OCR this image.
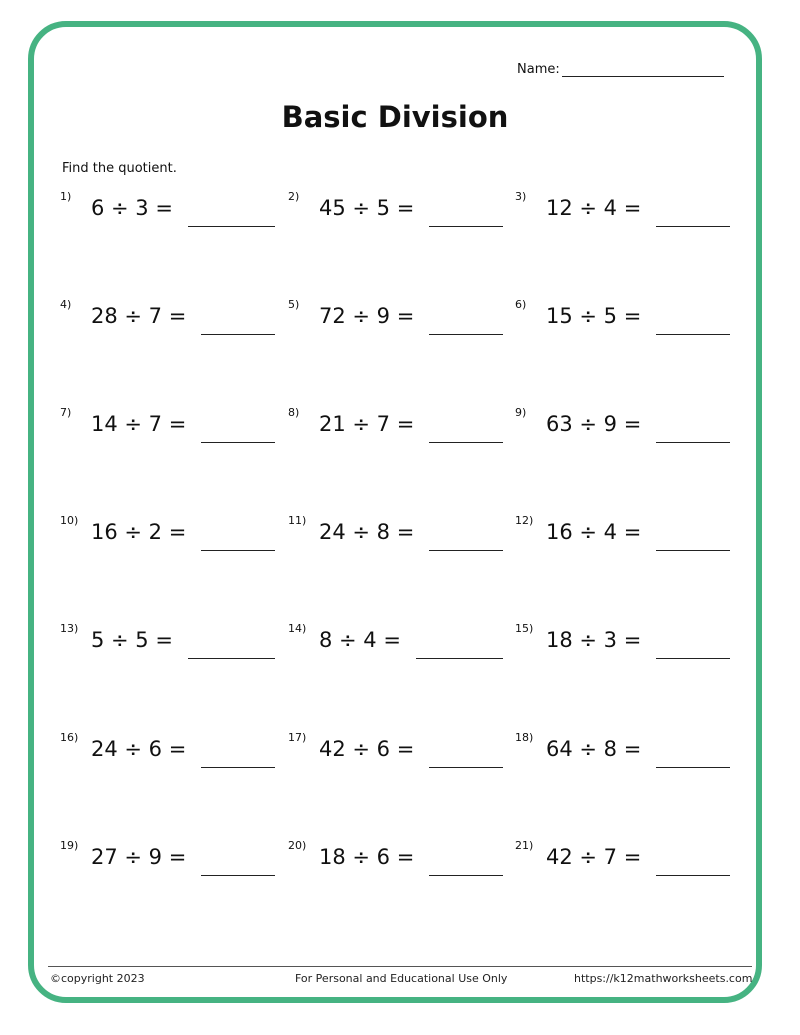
Name:
Basic Division
Find the quotient.
1) 6 ÷ 3 =	2) 45 ÷ 5 =	3) 12 ÷ 4 =
4) 28 ÷ 7 =	5) 72 ÷ 9 =	6) 15 ÷ 5 =
7) 14 ÷ 7 =	8) 21 ÷ 7 =	9) 63 ÷ 9 =
10) 16 ÷ 2 =	11) 24 ÷ 8 =	12) 16 ÷ 4 =
13) 5 ÷ 5 =	14) 8 ÷ 4 =	15) 18 ÷ 3 =
16) 24 ÷ 6 =	17) 42 ÷ 6 =	18) 64 ÷ 8 =
19) 27 ÷ 9 =	20) 18 ÷ 6 =	21) 42 ÷ 7 =
©copyright 2023	For Personal and Educational Use Only	https://k12mathworksheets.com
